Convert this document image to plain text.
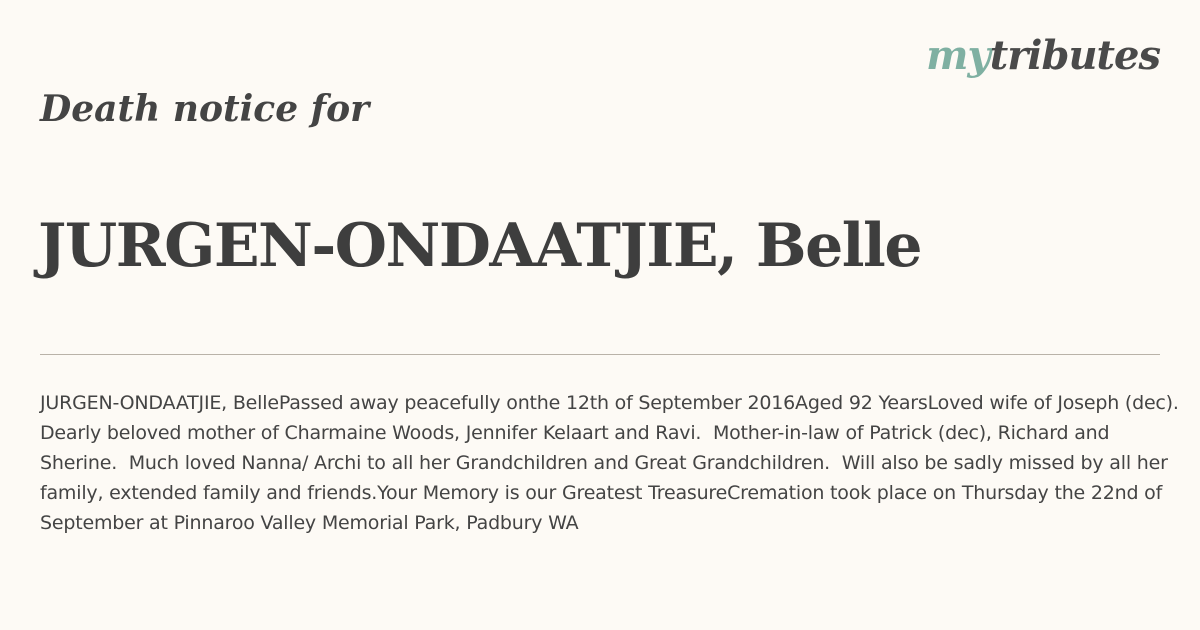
mytributes
Death notice for
JURGEN-ONDAATJIE, Belle

JURGEN-ONDAATJIE, BellePassed away peacefully onthe 12th of September 2016Aged 92 YearsLoved wife of Joseph (dec). Dearly beloved mother of Charmaine Woods, Jennifer Kelaart and Ravi.  Mother-in-law of Patrick (dec), Richard and Sherine.  Much loved Nanna/ Archi to all her Grandchildren and Great Grandchildren.  Will also be sadly missed by all her family, extended family and friends.Your Memory is our Greatest TreasureCremation took place on Thursday the 22nd of September at Pinnaroo Valley Memorial Park, Padbury WA
